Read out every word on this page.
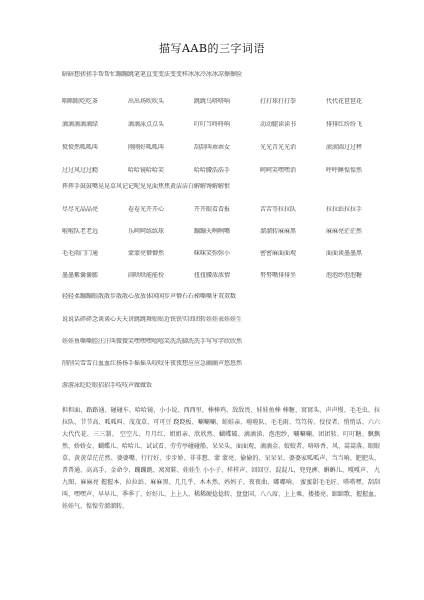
描写AAB的三字词语
暗暗想搓搓手帮帮忙蹦蹦跳笔笔直变变法变变样冰冰冷冰冰凉擦擦脸
咽咽眼吃吃茶	出出场吹吹头	跳跳乌嗒嗒响	打打球打打拳	代代花琶琶花
滴滴滴滴滴绿	滴滴泳点点头	叮叮当咚咚响	动动腿读读书	排排红纷纷飞
愤愤然呱呱叫	刚刚好呱呱叫	刮刮叫乖乖女	光光青光光消	滚滚圆过过秤
过过风过过瘾	哈哈镜哈哈笑	哈哈腰浩浩手	呵呵笑嘿嘿消	呼呼睡惶惶然
挥挥手鼓鼓嘴晃晃草风记记呢见见面焦焦黄洁洁白解解馋解解恨
尽尽光晶晶亮	卷卷光开开心	开开眼看看报	苦苦等拉拉队	拉拉站拉拉手
啦啦队老老远	乐呵呵练练球	蹦蹦天咧咧嘴	溜溜转麻麻黑	麻麻亮茫茫然
毛毛雨门门通	蒙蒙亮懵懵然	咪咪笑弥弥小	密密麻面面观	面面谈墨墨黑
墨墨紫囊囊膨	闹哄哄能能扮	扭扭腰浓浓情	努努嘴排排坐	泡泡纱泡泡糖
轻轻柔蹦蹦眼散散步散散心放放体闲闲步声懵石石梯嘶嘶牙双双数
说说话碎碎念谈谈心天天讲跳跳舞贴贴近铁铁实团团转娃娃表娃娃生
娃娃鱼嘶嘶腔汪汪叫微微笑嘿嘿嘿嘻嘻笑洗洗脚洗洗手写写字欣欣然
削削尖雪雪白血血红扬扬手摇摇头咬咬牙夜夜想应应急幽幽声悠悠然
游游泳眨眨眼招招手吱吱声做做饭
担担面、路路通、碰碰车、哈哈镜、小小说、西西里、棒棒鸡、敌敌畏、娃娃鱼棒 棒糖、窝窝头、声声慢、毛毛虫、拉拉队、节节高、呱呱叫、茂茂草、可可豆 跷跷板、唰唰唰、蛙蛙亲、啦啦队、毛毛雨、笃笃传、佼佼者、悄悄话、六六大代代花、三三制、 空空儿、月月红、姐姐亲、欣欣然、蝴蝶破、滴滴涕、泡泡纱、唰唰唰、团团转、叮叮糖、飘飘然、娇娇女、蝴蝶儿、哈哈儿、试试看、劳劳亭碰碰船、呆呆头、面面观、滴滴金、蛟蛟者、咯咯香、风、蒿蒿落、眼眼草、黄黄草茫茫然、婆婆嘴、行行好、步步娇、非非想、蒙 蒙亮、偷偷的、呆呆呆、婆婆家呱呱声、当当响、肥肥头、普普通、高高手、金命令、蹦蹦跳、窝窝鞋、娃娃生 小小子、样样声、回回豆、混混儿、兜兜裤、蝌蝌儿、嘎嘎声、 九九图、麻麻亮 握握本、拉拉站、麻麻黑、几几乎、木木然、妈妈子、夜夜曲、嘟嘟响、 蜜蜜甜毛毛匠、嗒嗒嘿、刮刮叫、嘿嘿声、早早儿、季季丁、好好儿、上上人、稀稀硬捻捻转、盘盘国、八八席、上上乘、搂搂亮、蹄蹄歌、握握血、娃娃气、惶惶劳溜溜转、
